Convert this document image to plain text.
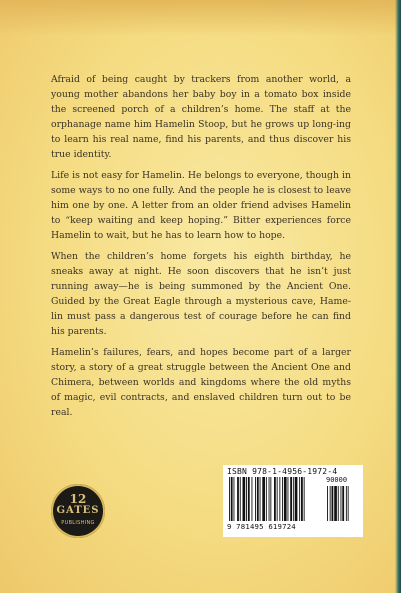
Afraid of being caught by trackers from another world, a young mother abandons her baby boy in a tomato box inside the screened porch of a children’s home. The staff at the orphanage name him Hamelin Stoop, but he grows up long-ing to learn his real name, find his parents, and thus discover his true identity.

Life is not easy for Hamelin. He belongs to everyone, though in some ways to no one fully. And the people he is closest to leave him one by one. A letter from an older friend advises Hamelin to “keep waiting and keep hoping.” Bitter experiences force Hamelin to wait, but he has to learn how to hope.

When the children’s home forgets his eighth birthday, he sneaks away at night. He soon discovers that he isn’t just running away—he is being summoned by the Ancient One. Guided by the Great Eagle through a mysterious cave, Hame-lin must pass a dangerous test of courage before he can find his parents.

Hamelin’s failures, fears, and hopes become part of a larger story, a story of a great struggle between the Ancient One and Chimera, between worlds and kingdoms where the old myths of magic, evil contracts, and enslaved children turn out to be real.

12
GATES
PUBLISHING
ISBN 978-1-4956-1972-4
90000
9 781495 619724
